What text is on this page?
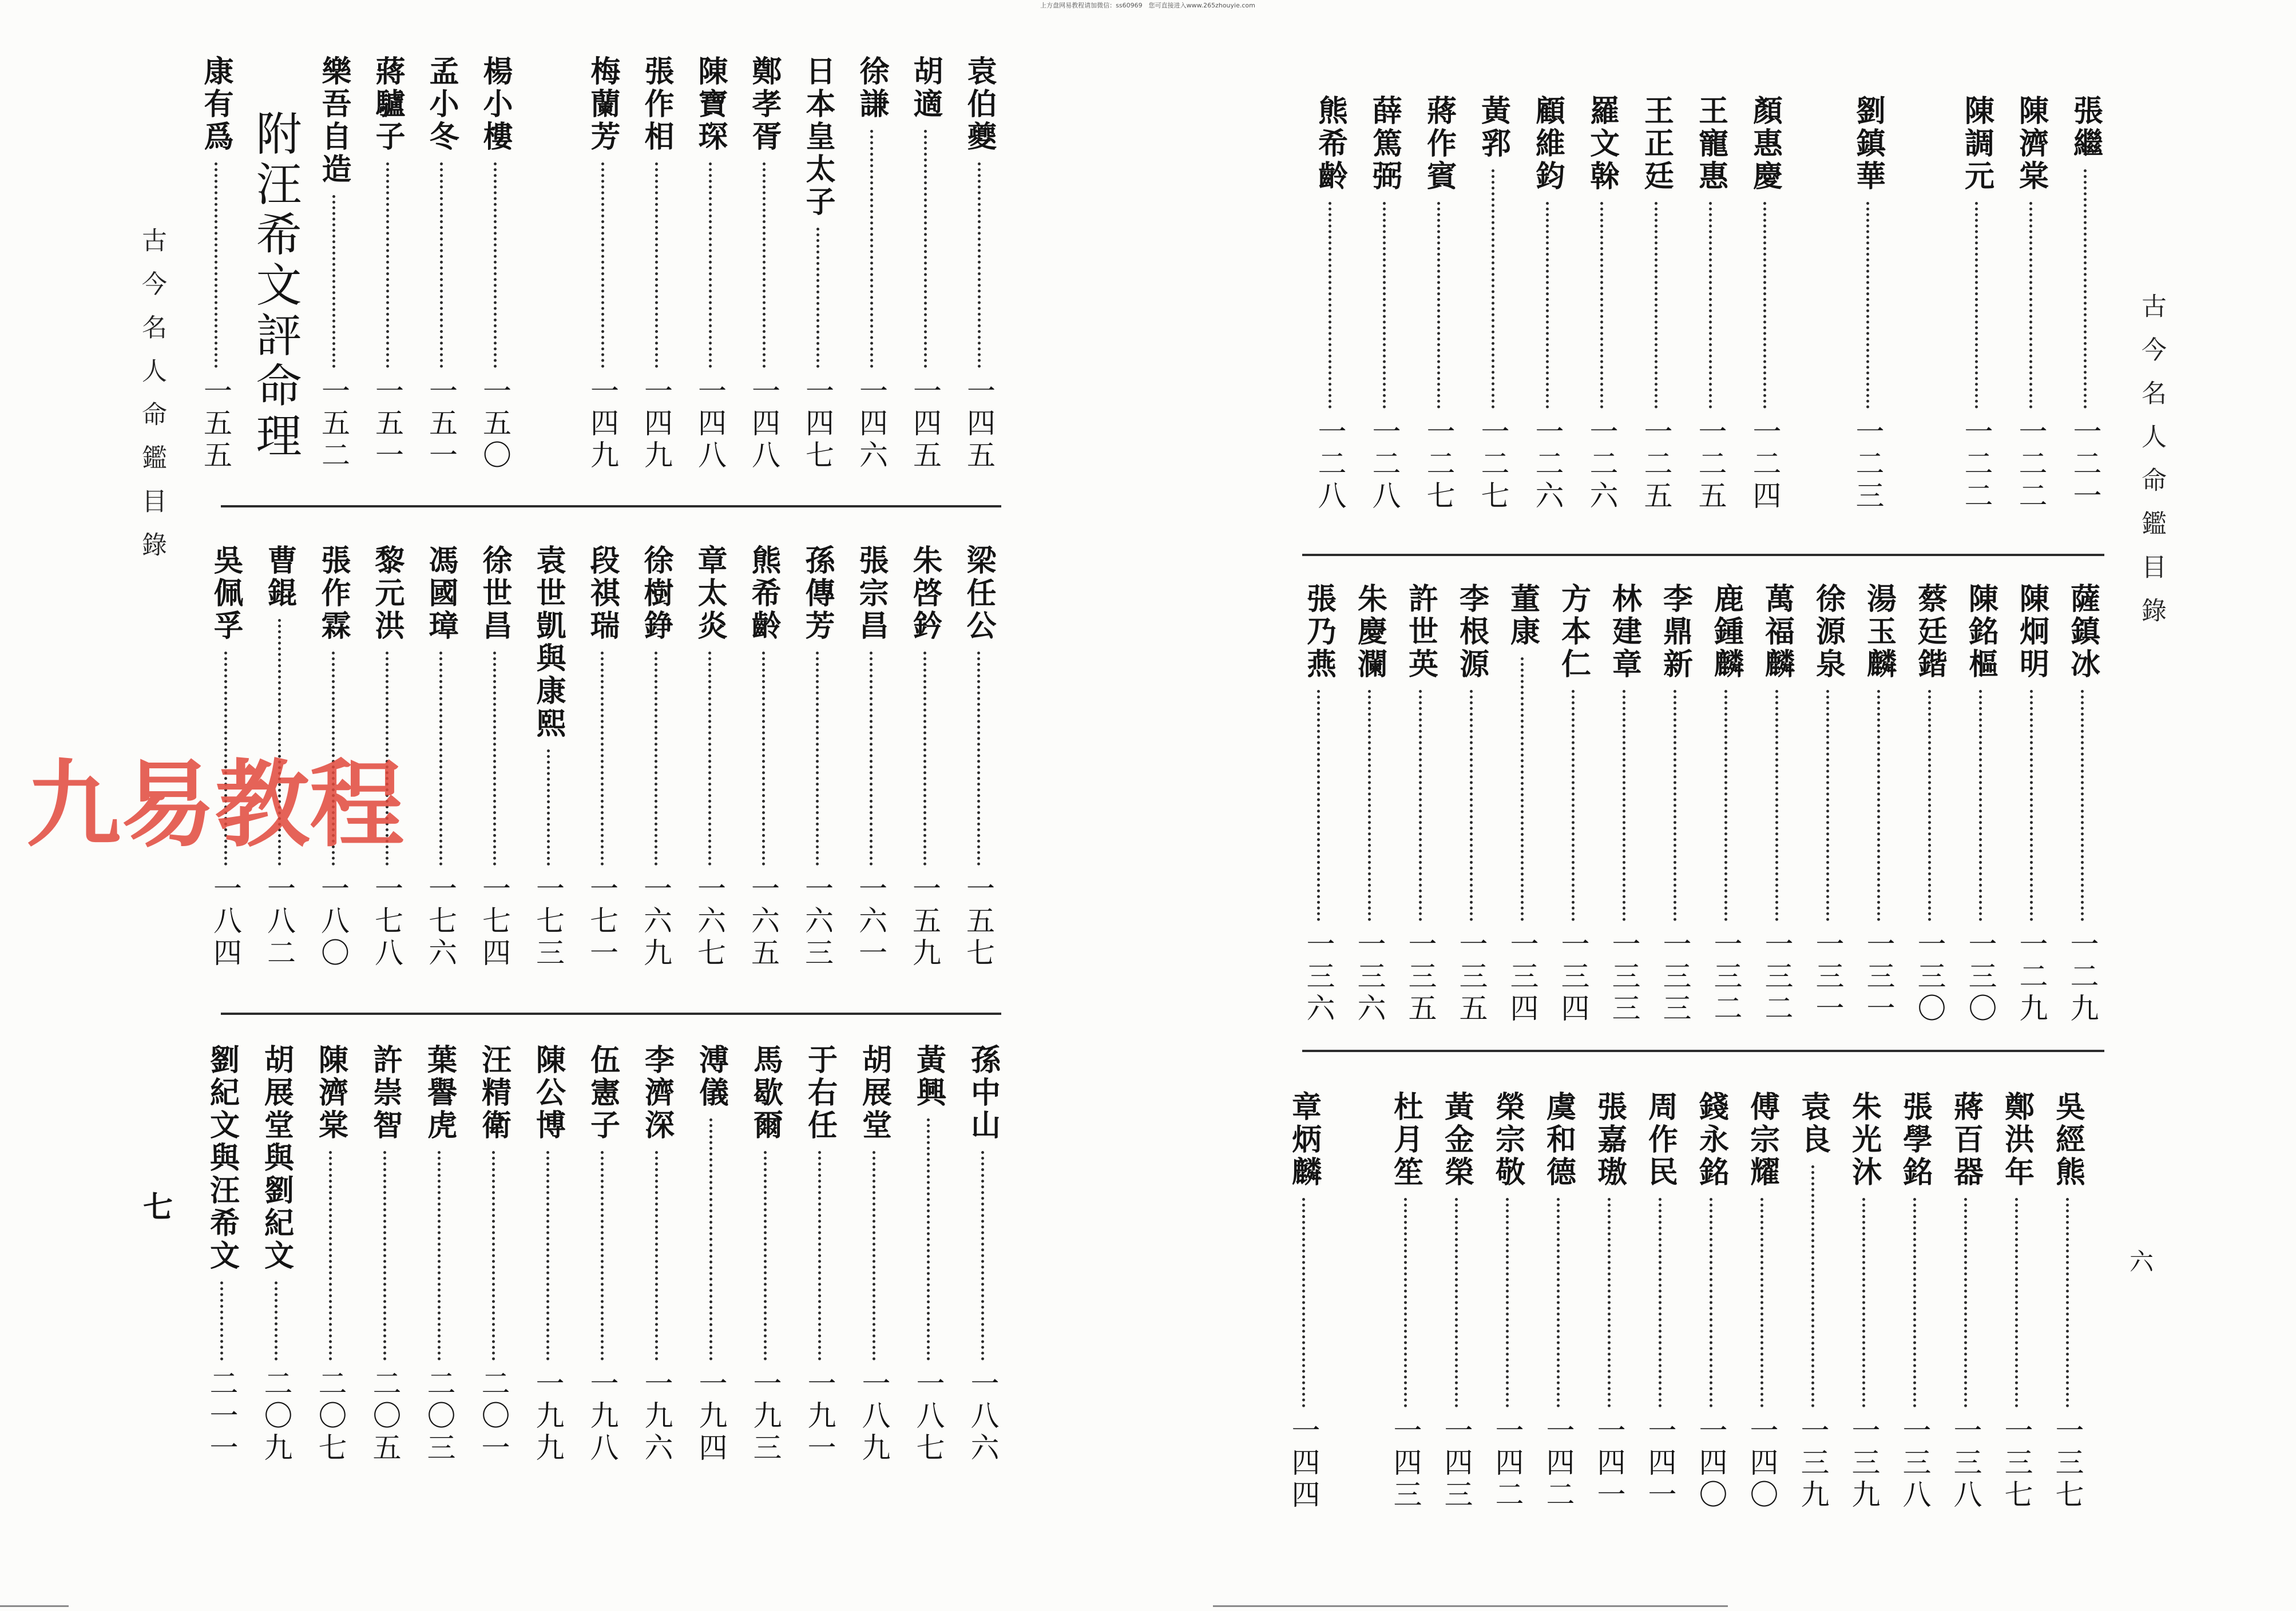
上方盘网易教程请加微信：ss60969　您可直接进入www.265zhouyie.com
古今名人命鑑目錄
袁伯夔
一四五
胡適
一四五
徐謙
一四六
日本皇太子
一四七
鄭孝胥
一四八
陳寶琛
一四八
張作相
一四九
梅蘭芳
一四九
楊小樓
一五〇
孟小冬
一五一
蔣驢子
一五一
樂吾自造
一五二
附汪希文評命理
康有爲
一五五
梁任公
一五七
朱啓鈐
一五九
張宗昌
一六一
孫傳芳
一六三
熊希齡
一六五
章太炎
一六七
徐樹錚
一六九
段祺瑞
一七一
袁世凱與康熙
一七三
徐世昌
一七四
馮國璋
一七六
黎元洪
一七八
張作霖
一八〇
曹錕
一八二
吳佩孚
一八四
孫中山
一八六
黃興
一八七
胡展堂
一八九
于右任
一九一
馬歇爾
一九三
溥儀
一九四
李濟深
一九六
伍憲子
一九八
陳公博
一九九
汪精衛
二〇一
葉譽虎
二〇三
許崇智
二〇五
陳濟棠
二〇七
胡展堂與劉紀文
二〇九
劉紀文與汪希文
二一一
七
古今名人命鑑目錄
張繼
一二一
陳濟棠
一二二
陳調元
一二二
劉鎮華
一二三
顏惠慶
一二四
王寵惠
一二五
王正廷
一二五
羅文榦
一二六
顧維鈞
一二六
黃郛
一二七
蔣作賓
一二七
薛篤弼
一二八
熊希齡
一二八
薩鎮冰
一二九
陳炯明
一二九
陳銘樞
一三〇
蔡廷鍇
一三〇
湯玉麟
一三一
徐源泉
一三一
萬福麟
一三二
鹿鍾麟
一三二
李鼎新
一三三
林建章
一三三
方本仁
一三四
董康
一三四
李根源
一三五
許世英
一三五
朱慶瀾
一三六
張乃燕
一三六
吳經熊
一三七
鄭洪年
一三七
蔣百器
一三八
張學銘
一三八
朱光沐
一三九
袁良
一三九
傅宗耀
一四〇
錢永銘
一四〇
周作民
一四一
張嘉璈
一四一
虞和德
一四二
榮宗敬
一四二
黃金榮
一四三
杜月笙
一四三
章炳麟
一四四
六
九易教程
